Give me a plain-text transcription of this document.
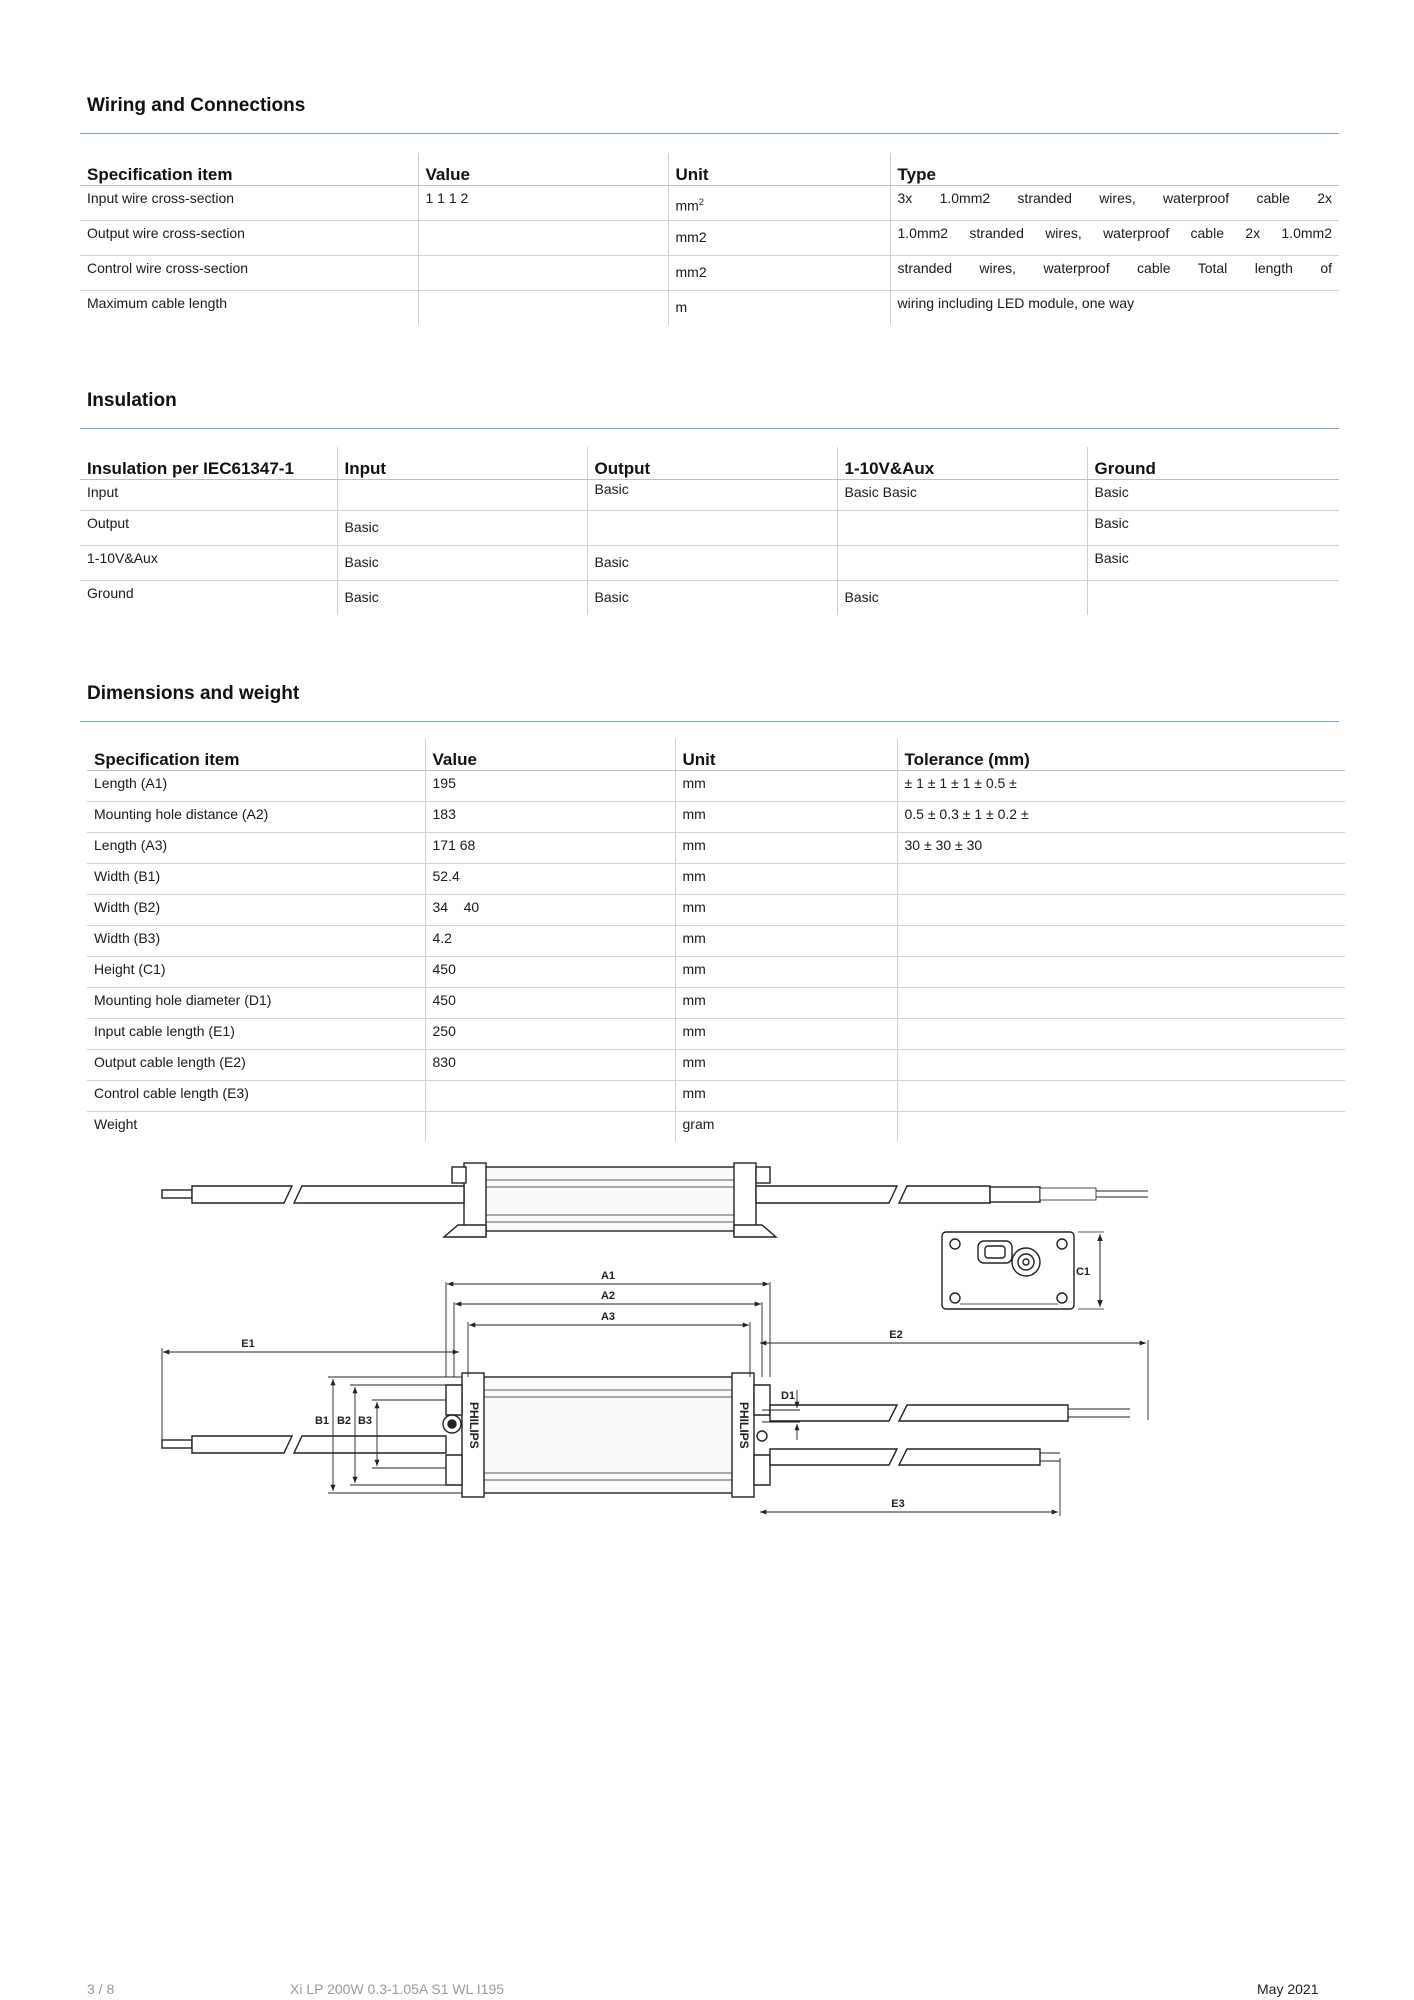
Wiring and Connections
Specification item	Value	Unit	Type
Input wire cross-section	1 1 1 2	$mm^2$	3x 1.0mm2 stranded wires, waterproof cable 2x
Output wire cross-section		mm2	1.0mm2 stranded wires, waterproof cable 2x 1.0mm2
Control wire cross-section		mm2	stranded wires, waterproof cable Total length of
Maximum cable length		m	wiring including LED module, one way
Insulation
Insulation per IEC61347-1	Input	Output	1-10V&Aux	Ground
Input		Basic	Basic Basic	Basic
Output	Basic			Basic
1-10V&Aux	Basic	Basic		Basic
Ground	Basic	Basic	Basic	
Dimensions and weight
Specification item	Value	Unit	Tolerance (mm)
Length (A1)	195	mm	± 1 ± 1 ± 1 ± 0.5 ±
Mounting hole distance (A2)	183	mm	0.5 ± 0.3 ± 1 ± 0.2 ±
Length (A3)	171 68	mm	30 ± 30 ± 30
Width (B1)	52.4	mm	
Width (B2)	34    40	mm	
Width (B3)	4.2	mm	
Height (C1)	450	mm	
Mounting hole diameter (D1)	450	mm	
Input cable length (E1)	250	mm	
Output cable length (E2)	830	mm	
Control cable length (E3)		mm	
Weight		gram	
A1
A2
A3
E1
E2
E3
C1
D1
B1 B2 B3	PHILIPS	PHILIPS
3 / 8	Xi LP 200W 0.3-1.05A S1 WL I195	May 2021
